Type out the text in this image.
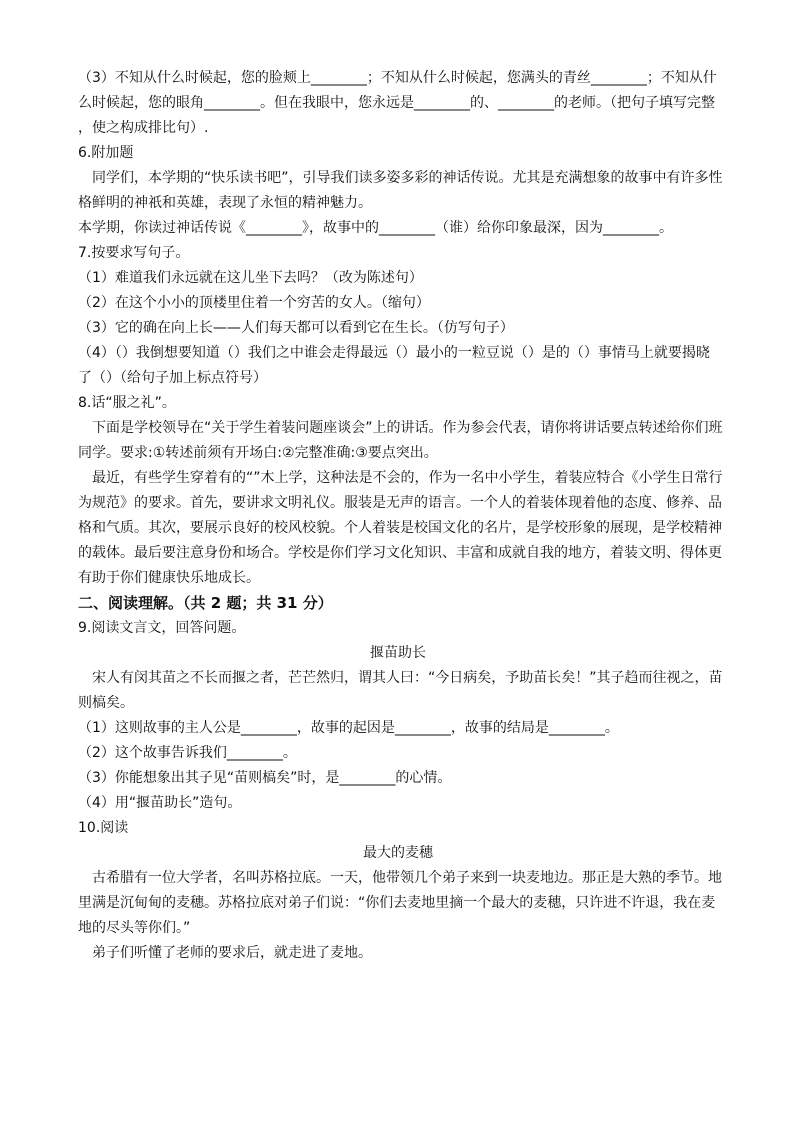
（3）不知从什么时候起，您的脸颊上________；不知从什么时候起，您满头的青丝________；不知从什

么时候起，您的眼角________。但在我眼中，您永远是________的、________的老师。（把句子填写完整

，使之构成排比句）.

6.附加题

同学们，本学期的“快乐读书吧”，引导我们读多姿多彩的神话传说。尤其是充满想象的故事中有许多性

格鲜明的神祇和英雄，表现了永恒的精神魅力。

本学期，你读过神话传说《________》，故事中的________（谁）给你印象最深，因为________。

7.按要求写句子。

（1）难道我们永远就在这儿坐下去吗？（改为陈述句）

（2）在这个小小的顶楼里住着一个穷苦的女人。（缩句）

（3）它的确在向上长——人们每天都可以看到它在生长。（仿写句子）

（4）（）我倒想要知道（）我们之中谁会走得最远（）最小的一粒豆说（）是的（）事情马上就要揭晓

了（）（给句子加上标点符号）

8.话“服之礼”。

下面是学校领导在“关于学生着装问题座谈会”上的讲话。作为参会代表，请你将讲话要点转述给你们班

同学。要求:①转述前须有开场白:②完整准确:③要点突出。

最近，有些学生穿着有的“”木上学，这种法是不会的，作为一名中小学生，着装应特合《小学生日常行

为规范》的要求。首先，要讲求文明礼仪。服装是无声的语言。一个人的着装体现着他的态度、修养、品

格和气质。其次，要展示良好的校风校貌。个人着装是校国文化的名片，是学校形象的展现，是学校精神

的载体。最后要注意身份和场合。学校是你们学习文化知识、丰富和成就自我的地方，着装文明、得体更

有助于你们健康快乐地成长。

二、阅读理解。（共 2 题；共 31 分）

9.阅读文言文，回答问题。

揠苗助长

宋人有闵其苗之不长而揠之者，芒芒然归，谓其人曰：“今日病矣，予助苗长矣！”其子趋而往视之，苗

则槁矣。

（1）这则故事的主人公是________，故事的起因是________，故事的结局是________。

（2）这个故事告诉我们________。

（3）你能想象出其子见“苗则槁矣”时，是________的心情。

（4）用“揠苗助长”造句。

10.阅读

最大的麦穗

古希腊有一位大学者，名叫苏格拉底。一天，他带领几个弟子来到一块麦地边。那正是大熟的季节。地

里满是沉甸甸的麦穗。苏格拉底对弟子们说：“你们去麦地里摘一个最大的麦穗，只许进不许退，我在麦

地的尽头等你们。”

弟子们听懂了老师的要求后，就走进了麦地。
